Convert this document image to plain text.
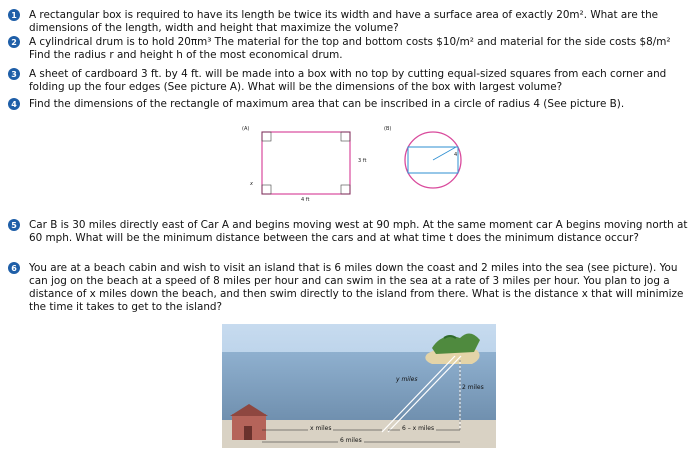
1	A rectangular box is required to have its length be twice its width and have a surface area of exactly 20m². What are the dimensions of the length, width and height that maximize the volume?
2	A cylindrical drum is to hold 20πm³ The material for the top and bottom costs $10/m² and material for the side costs $8/m² Find the radius r and height h of the most economical drum.
3	A sheet of cardboard 3 ft. by 4 ft. will be made into a box with no top by cutting equal-sized squares from each corner and folding up the four edges (See picture A). What will be the dimensions of the box with largest volume?
4	Find the dimensions of the rectangle of maximum area that can be inscribed in a circle of radius 4 (See picture B).
(A)
3 ft
4 ft
x
(B)
4
5	Car B is 30 miles directly east of Car A and begins moving west at 90 mph. At the same moment car A begins moving north at 60 mph. What will be the minimum distance between the cars and at what time t does the minimum distance occur?
6	You are at a beach cabin and wish to visit an island that is 6 miles down the coast and 2 miles into the sea (see picture). You can jog on the beach at a speed of 8 miles per hour and can swim in the sea at a rate of 3 miles per hour. You plan to jog a distance of x miles down the beach, and then swim directly to the island from there. What is the distance x that will minimize the time it takes to get to the island?
y miles
2 miles
x miles	6 – x miles
6 miles
